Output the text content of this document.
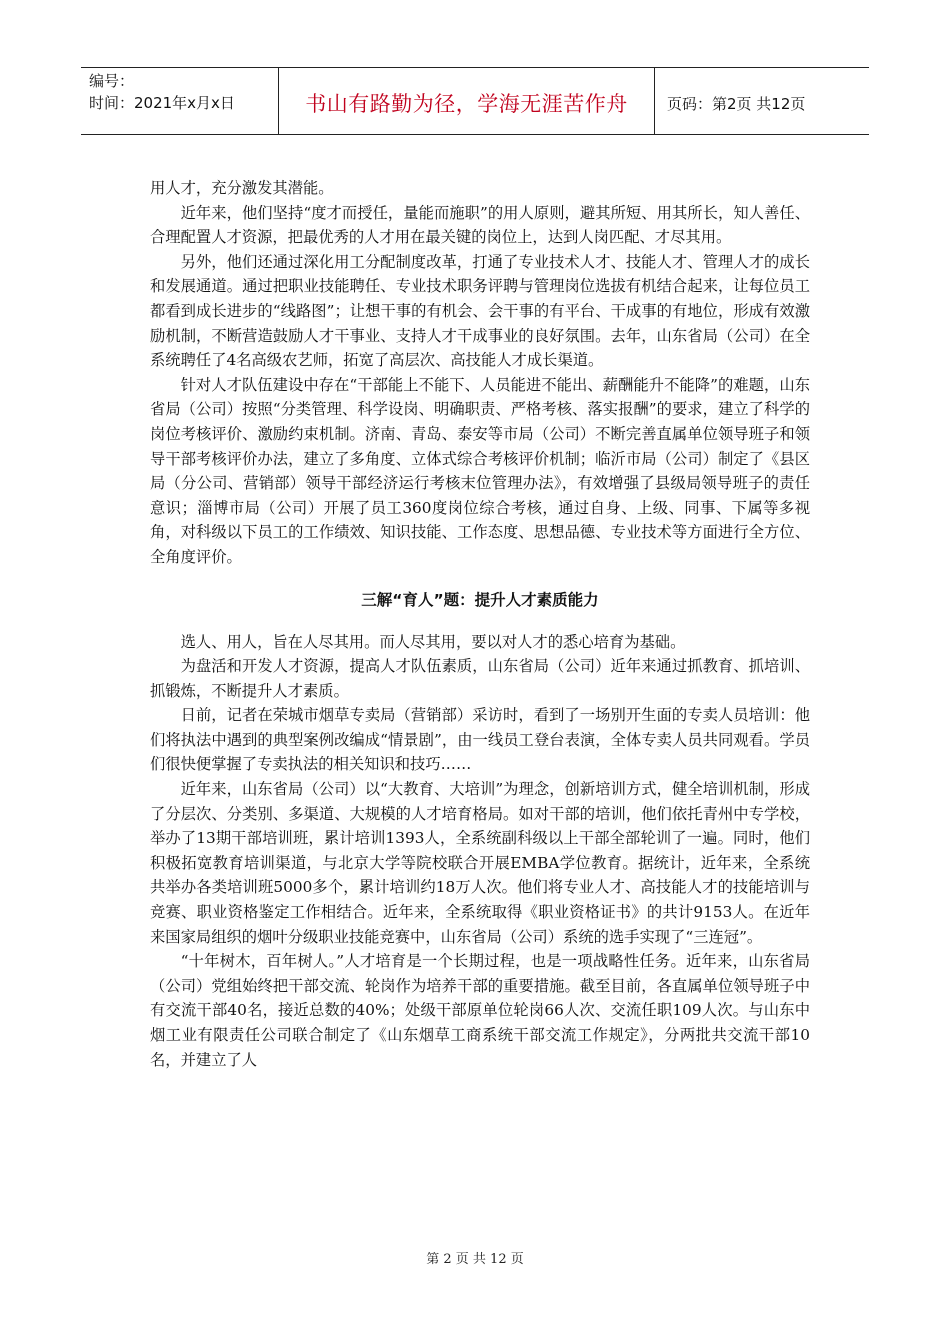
编号：
时间：2021年x月x日	书山有路勤为径，学海无涯苦作舟	页码：第2页 共12页

用人才，充分激发其潜能。

近年来，他们坚持“度才而授任，量能而施职”的用人原则，避其所短、用其所长，知人善任、合理配置人才资源，把最优秀的人才用在最关键的岗位上，达到人岗匹配、才尽其用。

另外，他们还通过深化用工分配制度改革，打通了专业技术人才、技能人才、管理人才的成长和发展通道。通过把职业技能聘任、专业技术职务评聘与管理岗位选拔有机结合起来，让每位员工都看到成长进步的“线路图”；让想干事的有机会、会干事的有平台、干成事的有地位，形成有效激励机制，不断营造鼓励人才干事业、支持人才干成事业的良好氛围。去年，山东省局（公司）在全系统聘任了4名高级农艺师，拓宽了高层次、高技能人才成长渠道。

针对人才队伍建设中存在“干部能上不能下、人员能进不能出、薪酬能升不能降”的难题，山东省局（公司）按照“分类管理、科学设岗、明确职责、严格考核、落实报酬”的要求，建立了科学的岗位考核评价、激励约束机制。济南、青岛、泰安等市局（公司）不断完善直属单位领导班子和领导干部考核评价办法，建立了多角度、立体式综合考核评价机制；临沂市局（公司）制定了《县区局（分公司、营销部）领导干部经济运行考核末位管理办法》，有效增强了县级局领导班子的责任意识；淄博市局（公司）开展了员工360度岗位综合考核，通过自身、上级、同事、下属等多视角，对科级以下员工的工作绩效、知识技能、工作态度、思想品德、专业技术等方面进行全方位、全角度评价。

三解“育人”题：提升人才素质能力

选人、用人，旨在人尽其用。而人尽其用，要以对人才的悉心培育为基础。

为盘活和开发人才资源，提高人才队伍素质，山东省局（公司）近年来通过抓教育、抓培训、抓锻炼，不断提升人才素质。

日前，记者在荣城市烟草专卖局（营销部）采访时，看到了一场别开生面的专卖人员培训：他们将执法中遇到的典型案例改编成“情景剧”，由一线员工登台表演，全体专卖人员共同观看。学员们很快便掌握了专卖执法的相关知识和技巧……

近年来，山东省局（公司）以“大教育、大培训”为理念，创新培训方式，健全培训机制，形成了分层次、分类别、多渠道、大规模的人才培育格局。如对干部的培训，他们依托青州中专学校，举办了13期干部培训班，累计培训1393人，全系统副科级以上干部全部轮训了一遍。同时，他们积极拓宽教育培训渠道，与北京大学等院校联合开展EMBA学位教育。据统计，近年来，全系统共举办各类培训班5000多个，累计培训约18万人次。他们将专业人才、高技能人才的技能培训与竞赛、职业资格鉴定工作相结合。近年来，全系统取得《职业资格证书》的共计9153人。在近年来国家局组织的烟叶分级职业技能竞赛中，山东省局（公司）系统的选手实现了“三连冠”。

“十年树木，百年树人。”人才培育是一个长期过程，也是一项战略性任务。近年来，山东省局（公司）党组始终把干部交流、轮岗作为培养干部的重要措施。截至目前，各直属单位领导班子中有交流干部40名，接近总数的40%；处级干部原单位轮岗66人次、交流任职109人次。与山东中烟工业有限责任公司联合制定了《山东烟草工商系统干部交流工作规定》，分两批共交流干部10名，并建立了人

第 2 页 共 12 页
